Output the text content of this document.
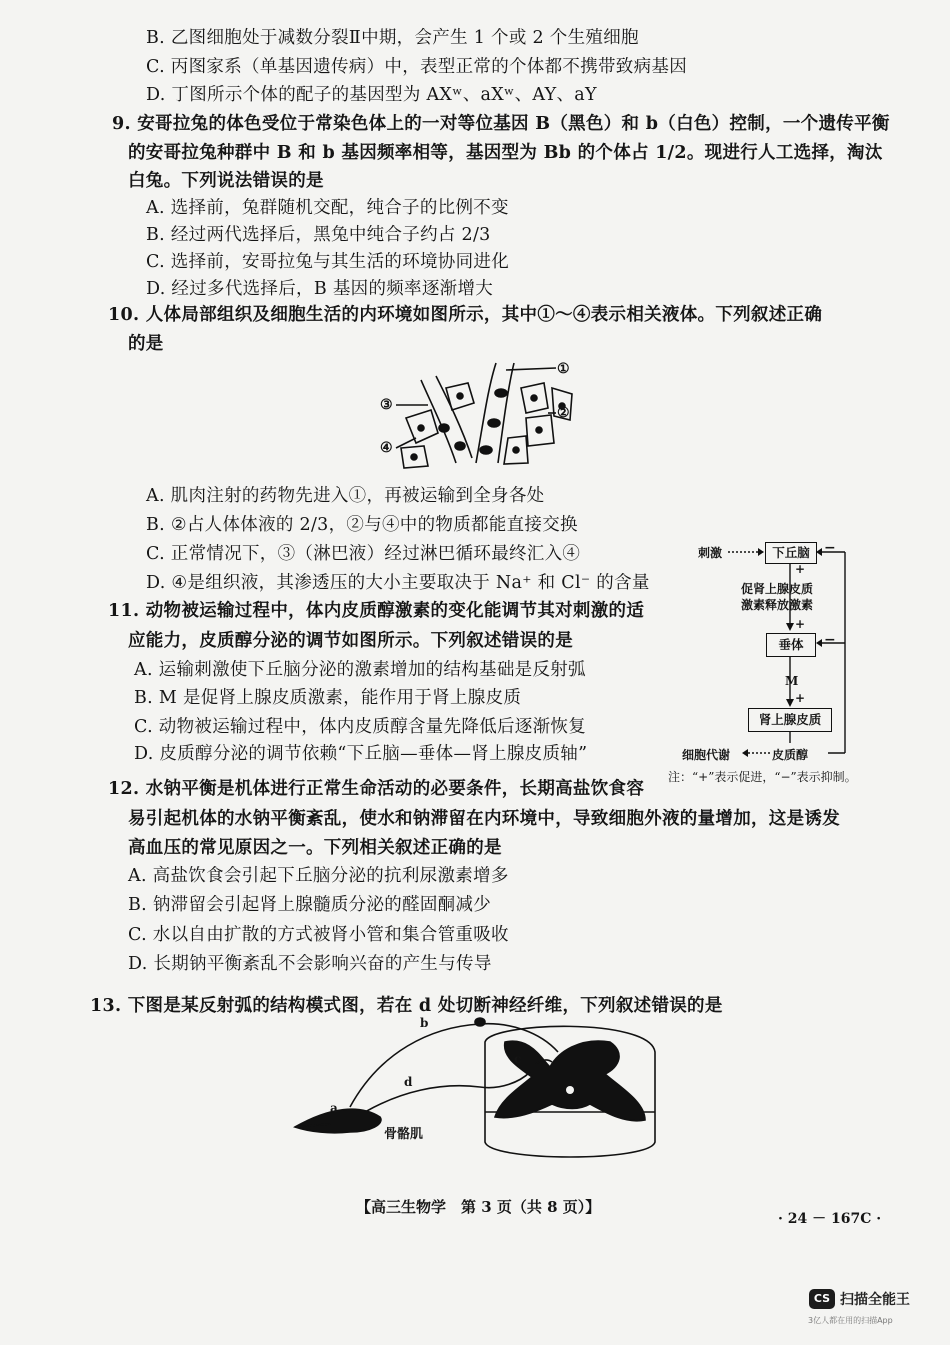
B. 乙图细胞处于减数分裂Ⅱ中期，会产生 1 个或 2 个生殖细胞
C. 丙图家系（单基因遗传病）中，表型正常的个体都不携带致病基因
D. 丁图所示个体的配子的基因型为 AXʷ、aXʷ、AY、aY
9. 安哥拉兔的体色受位于常染色体上的一对等位基因 B（黑色）和 b（白色）控制，一个遗传平衡
的安哥拉兔种群中 B 和 b 基因频率相等，基因型为 Bb 的个体占 1/2。现进行人工选择，淘汰
白兔。下列说法错误的是
A. 选择前，兔群随机交配，纯合子的比例不变
B. 经过两代选择后，黑兔中纯合子约占 2/3
C. 选择前，安哥拉兔与其生活的环境协同进化
D. 经过多代选择后，B 基因的频率逐渐增大
10. 人体局部组织及细胞生活的内环境如图所示，其中①～④表示相关液体。下列叙述正确
的是
①
②
③
④
A. 肌肉注射的药物先进入①，再被运输到全身各处
B. ②占人体体液的 2/3，②与④中的物质都能直接交换
C. 正常情况下，③（淋巴液）经过淋巴循环最终汇入④
D. ④是组织液，其渗透压的大小主要取决于 Na⁺ 和 Cl⁻ 的含量
11. 动物被运输过程中，体内皮质醇激素的变化能调节其对刺激的适
应能力，皮质醇分泌的调节如图所示。下列叙述错误的是
A. 运输刺激使下丘脑分泌的激素增加的结构基础是反射弧
B. M 是促肾上腺皮质激素，能作用于肾上腺皮质
C. 动物被运输过程中，体内皮质醇含量先降低后逐渐恢复
D. 皮质醇分泌的调节依赖“下丘脑—垂体—肾上腺皮质轴”
刺激	下丘脑	−
+
促肾上腺皮质
激素释放激素
+
垂体	−
M
+
肾上腺皮质
细胞代谢	皮质醇
注：“+”表示促进，“−”表示抑制。
12. 水钠平衡是机体进行正常生命活动的必要条件，长期高盐饮食容
易引起机体的水钠平衡紊乱，使水和钠滞留在内环境中，导致细胞外液的量增加，这是诱发
高血压的常见原因之一。下列相关叙述正确的是
A. 高盐饮食会引起下丘脑分泌的抗利尿激素增多
B. 钠滞留会引起肾上腺髓质分泌的醛固酮减少
C. 水以自由扩散的方式被肾小管和集合管重吸收
D. 长期钠平衡紊乱不会影响兴奋的产生与传导
13. 下图是某反射弧的结构模式图，若在 d 处切断神经纤维，下列叙述错误的是
a
b
c
d
骨骼肌
【高三生物学　第 3 页（共 8 页）】
· 24 － 167C ·
CS 扫描全能王
3亿人都在用的扫描App
